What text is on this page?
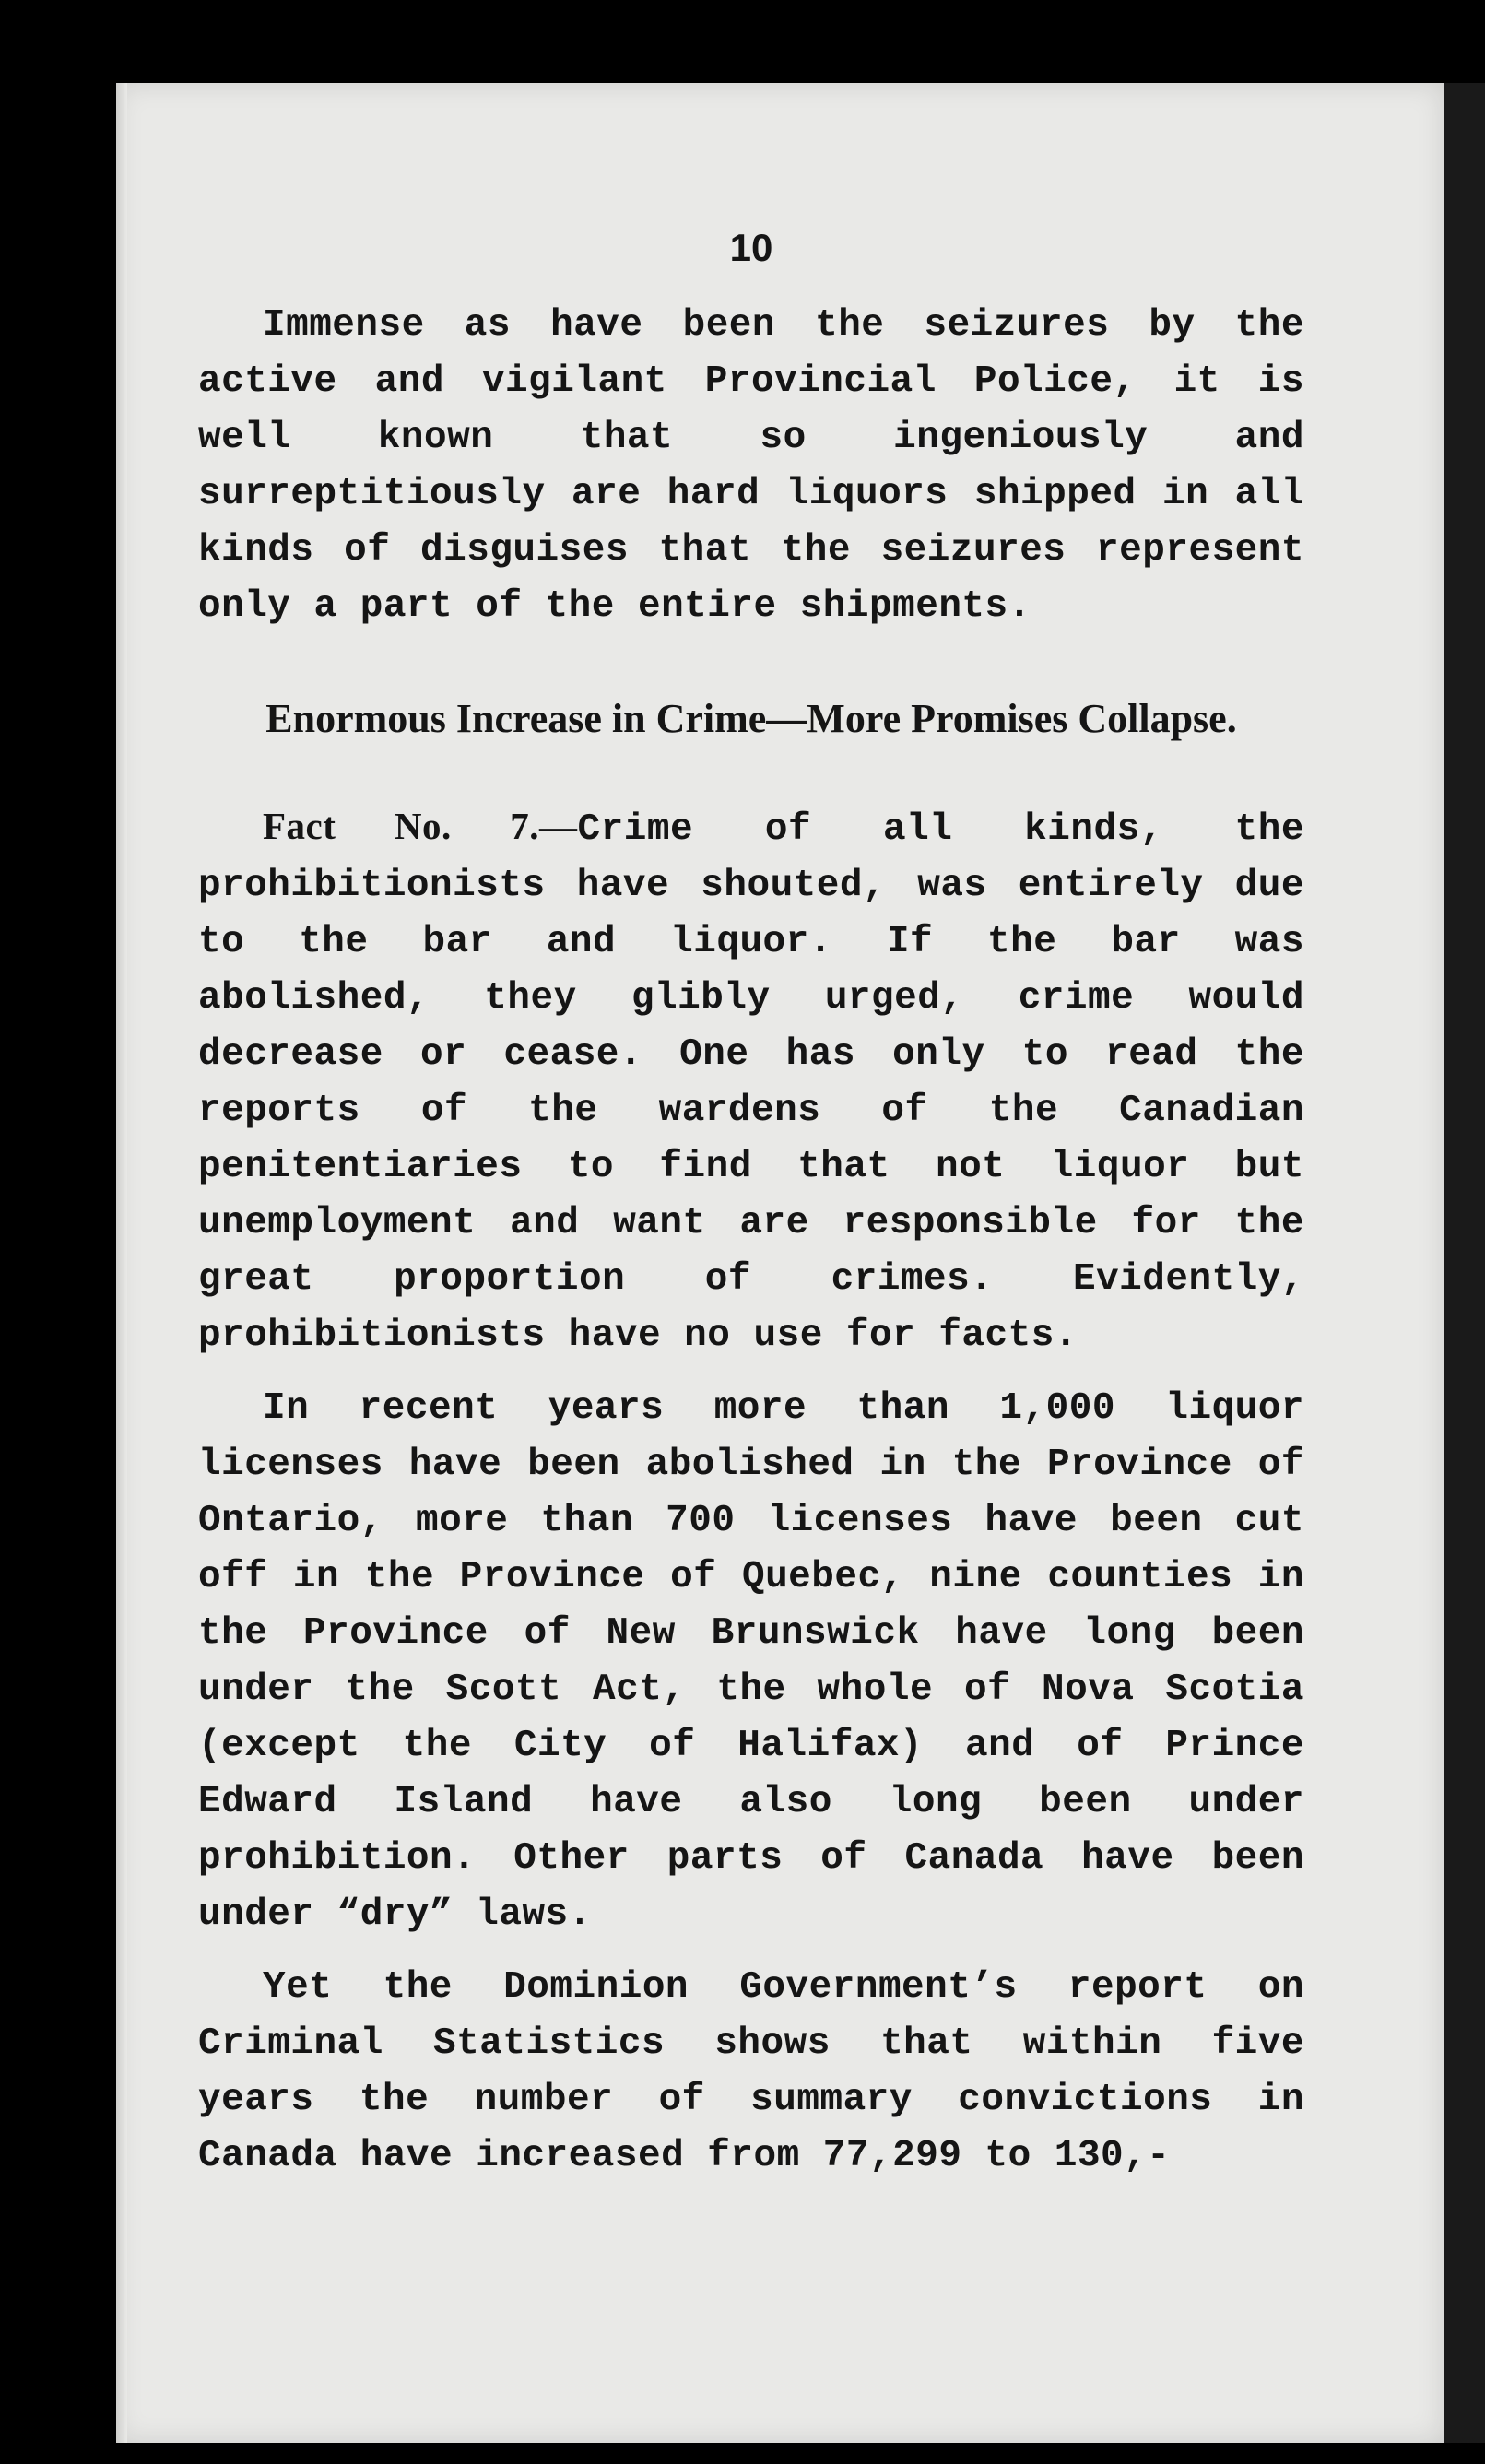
10

Immense as have been the seizures by the active and vigilant Provincial Police, it is well known that so ingeniously and surreptitiously are hard liquors shipped in all kinds of disguises that the seizures represent only a part of the entire shipments.

Enormous Increase in Crime—More Promises Collapse.

Fact No. 7.—Crime of all kinds, the prohibitionists have shouted, was entirely due to the bar and liquor. If the bar was abolished, they glibly urged, crime would decrease or cease. One has only to read the reports of the wardens of the Canadian penitentiaries to find that not liquor but unemployment and want are responsible for the great proportion of crimes. Evidently, prohibitionists have no use for facts.

In recent years more than 1,000 liquor licenses have been abolished in the Province of Ontario, more than 700 licenses have been cut off in the Province of Quebec, nine counties in the Province of New Brunswick have long been under the Scott Act, the whole of Nova Scotia (except the City of Halifax) and of Prince Edward Island have also long been under prohibition. Other parts of Canada have been under “dry” laws.

Yet the Dominion Government’s report on Criminal Statistics shows that within five years the number of summary convictions in Canada have increased from 77,299 to 130,-
